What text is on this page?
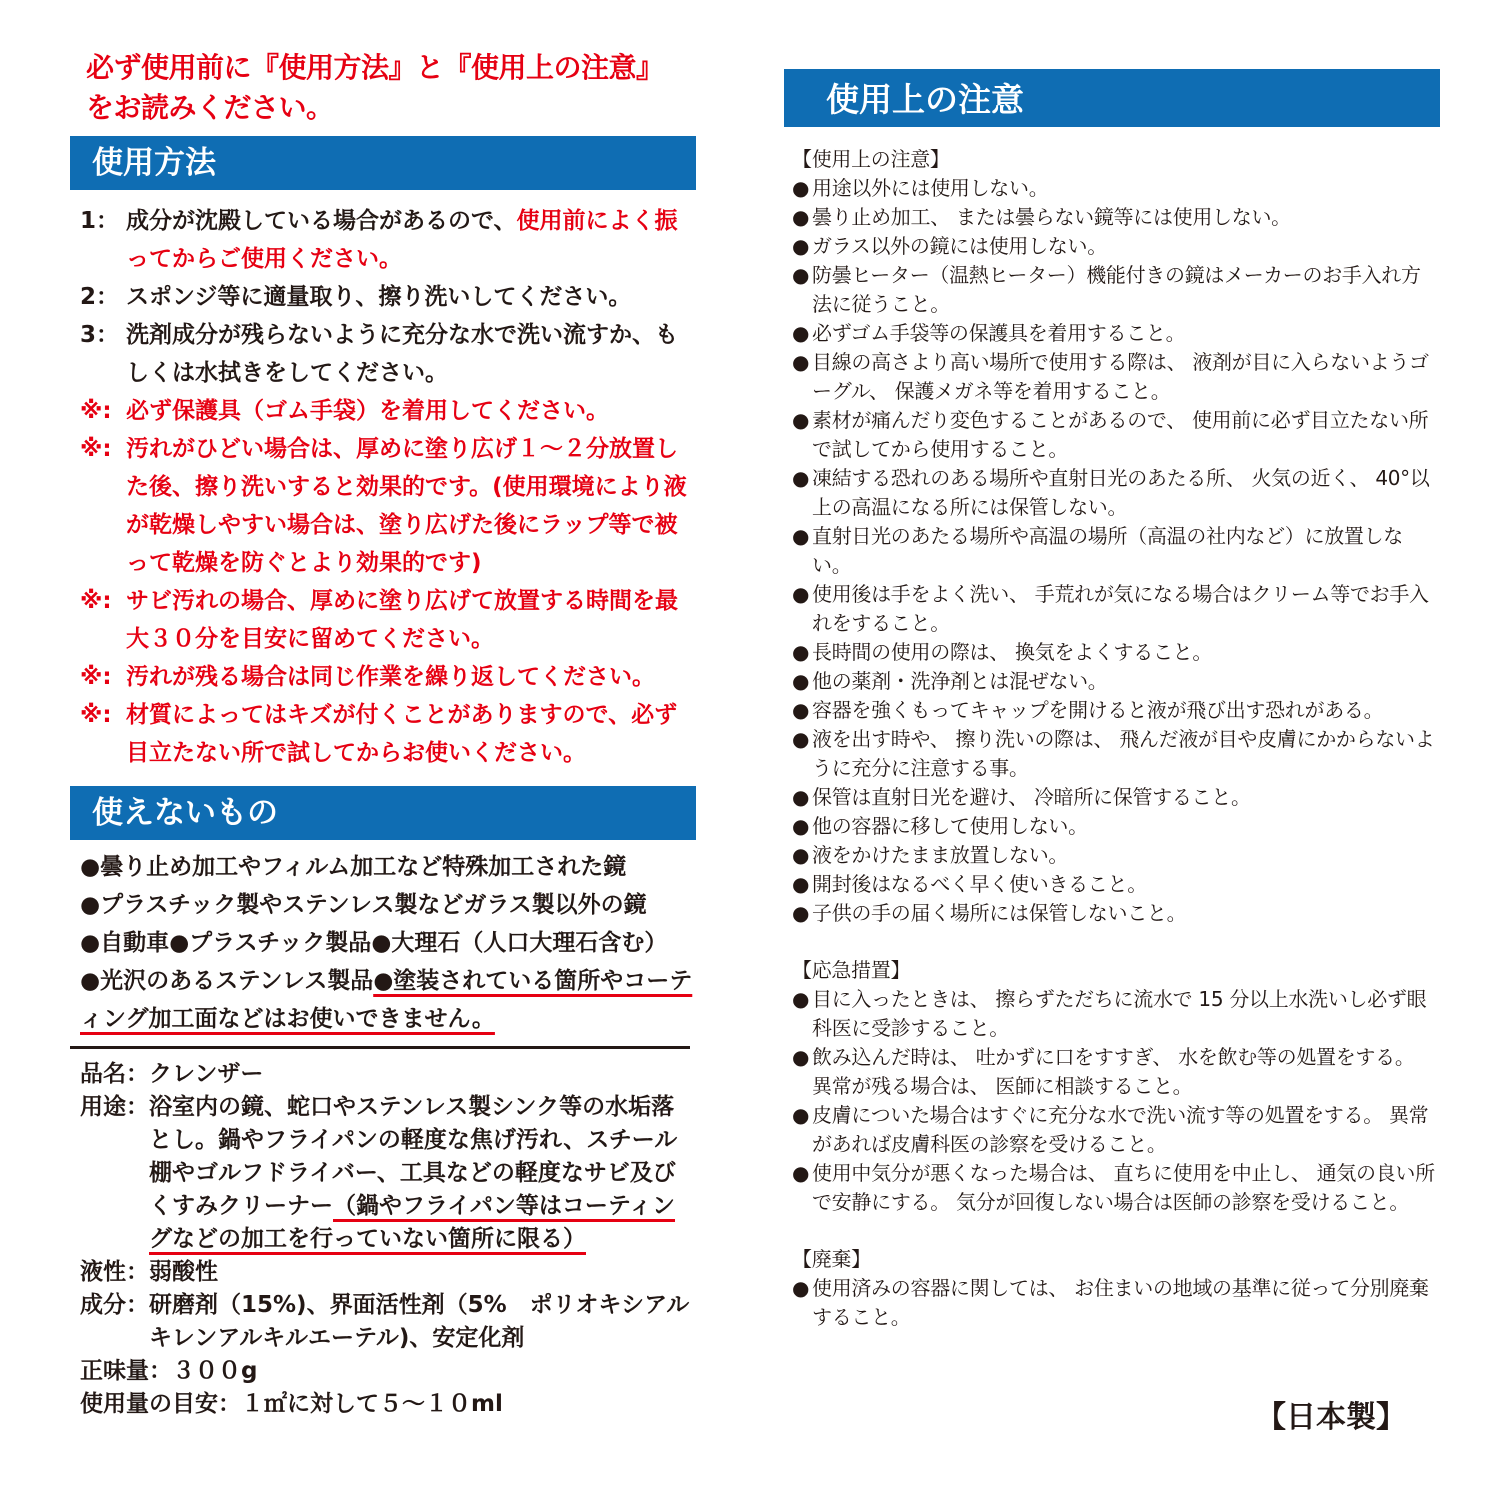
必ず使用前に『使用方法』と『使用上の注意』
をお読みください。
使用方法
1： 成分が沈殿している場合があるので、使用前によく振ってからご使用ください。
2： スポンジ等に適量取り、擦り洗いしてください。
3： 洗剤成分が残らないように充分な水で洗い流すか、もしくは水拭きをしてください。
※: 必ず保護具（ゴム手袋）を着用してください。
※: 汚れがひどい場合は、厚めに塗り広げ１～２分放置した後、擦り洗いすると効果的です。(使用環境により液が乾燥しやすい場合は、塗り広げた後にラップ等で被って乾燥を防ぐとより効果的です)
※: サビ汚れの場合、厚めに塗り広げて放置する時間を最大３０分を目安に留めてください。
※: 汚れが残る場合は同じ作業を繰り返してください。
※: 材質によってはキズが付くことがありますので、必ず目立たない所で試してからお使いください。
使えないもの
●曇り止め加工やフィルム加工など特殊加工された鏡
●プラスチック製やステンレス製などガラス製以外の鏡
●自動車●プラスチック製品●大理石（人口大理石含む）
●光沢のあるステンレス製品●塗装されている箇所やコーティング加工面などはお使いできません。
品名： クレンザー
用途： 浴室内の鏡、蛇口やステンレス製シンク等の水垢落とし。鍋やフライパンの軽度な焦げ汚れ、スチール棚やゴルフドライバー、工具などの軽度なサビ及びくすみクリーナー（鍋やフライパン等はコーティングなどの加工を行っていない箇所に限る）
液性： 弱酸性
成分： 研磨剤（15%)、界面活性剤（5%　ポリオキシアルキレンアルキルエーテル)、安定化剤
正味量： ３００g
使用量の目安： １㎡に対して５～１０ml
使用上の注意
【使用上の注意】
● 用途以外には使用しない。
● 曇り止め加工、 または曇らない鏡等には使用しない。
● ガラス以外の鏡には使用しない。
● 防曇ヒーター（温熱ヒーター）機能付きの鏡はメーカーのお手入れ方法に従うこと。
● 必ずゴム手袋等の保護具を着用すること。
● 目線の高さより高い場所で使用する際は、 液剤が目に入らないようゴーグル、 保護メガネ等を着用すること。
● 素材が痛んだり変色することがあるので、 使用前に必ず目立たない所で試してから使用すること。
● 凍結する恐れのある場所や直射日光のあたる所、 火気の近く、 40°以上の高温になる所には保管しない。
● 直射日光のあたる場所や高温の場所（高温の社内など）に放置しない。
● 使用後は手をよく洗い、 手荒れが気になる場合はクリーム等でお手入れをすること。
● 長時間の使用の際は、 換気をよくすること。
● 他の薬剤・洗浄剤とは混ぜない。
● 容器を強くもってキャップを開けると液が飛び出す恐れがある。
● 液を出す時や、 擦り洗いの際は、 飛んだ液が目や皮膚にかからないように充分に注意する事。
● 保管は直射日光を避け、 冷暗所に保管すること。
● 他の容器に移して使用しない。
● 液をかけたまま放置しない。
● 開封後はなるべく早く使いきること。
● 子供の手の届く場所には保管しないこと。
【応急措置】
● 目に入ったときは、 擦らずただちに流水で 15 分以上水洗いし必ず眼科医に受診すること。
● 飲み込んだ時は、 吐かずに口をすすぎ、 水を飲む等の処置をする。 異常が残る場合は、 医師に相談すること。
● 皮膚についた場合はすぐに充分な水で洗い流す等の処置をする。 異常があれば皮膚科医の診察を受けること。
● 使用中気分が悪くなった場合は、 直ちに使用を中止し、 通気の良い所で安静にする。 気分が回復しない場合は医師の診察を受けること。
【廃棄】
● 使用済みの容器に関しては、 お住まいの地域の基準に従って分別廃棄すること。
【日本製】
